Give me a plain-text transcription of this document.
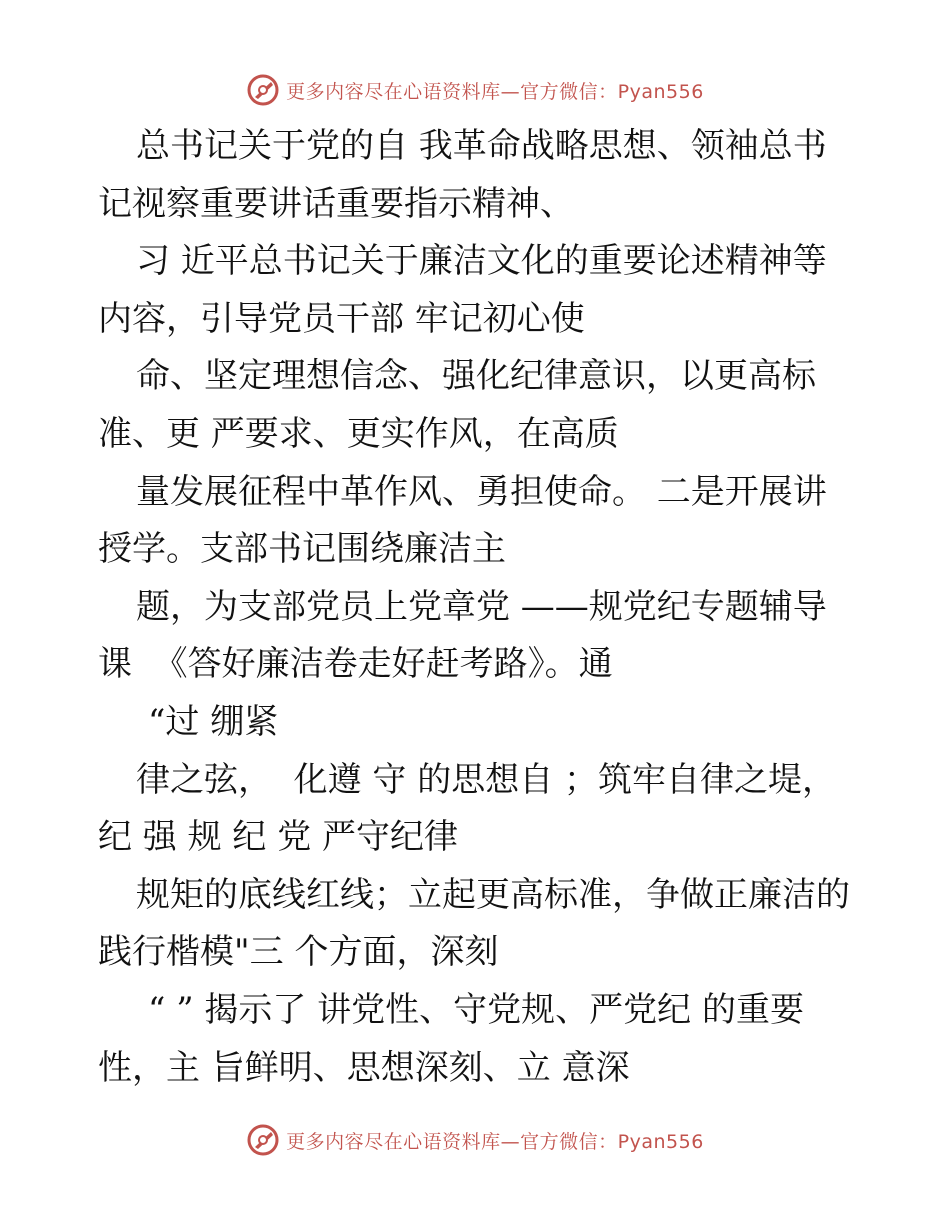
更多内容尽在心语资料库—官方微信：Pyan556

总书记关于党的自 我革命战略思想、领袖总书

记视察重要讲话重要指示精神、

习 近平总书记关于廉洁文化的重要论述精神等

内容，引导党员干部 牢记初心使

命、坚定理想信念、强化纪律意识，以更高标

准、更 严要求、更实作风，在高质

量发展征程中革作风、勇担使命。 二是开展讲

授学。支部书记围绕廉洁主

题，为支部党员上党章党 ——规党纪专题辅导

课  《答好廉洁卷走好赶考路》。通

“过 绷紧

律之弦，  化遵 守 的思想自 ；筑牢自律之堤，

纪 强 规 纪 党 严守纪律

规矩的底线红线；立起更高标准，争做正廉洁的

践行楷模"三 个方面，深刻

“ ” 揭示了 讲党性、守党规、严党纪 的重要

性，主 旨鲜明、思想深刻、立 意深

更多内容尽在心语资料库—官方微信：Pyan556
